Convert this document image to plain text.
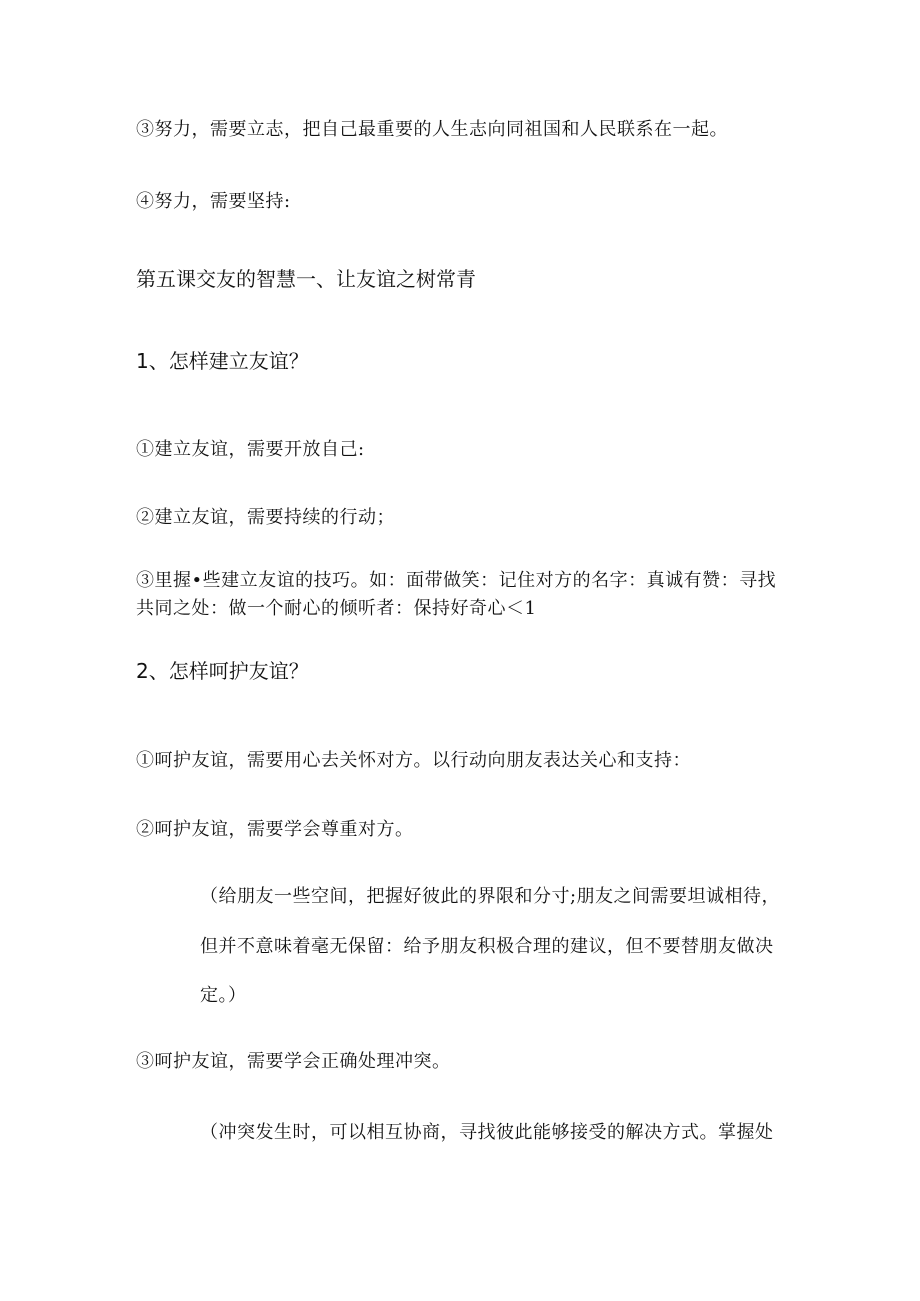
③努力，需要立志，把自己最重要的人生志向同祖国和人民联系在一起。

④努力，需要坚持:

第五课交友的智慧一、让友谊之树常青

1、怎样建立友谊？

①建立友谊，需要开放自己:

②建立友谊，需要持续的行动；

③里握•些建立友谊的技巧。如：面带做笑：记住对方的名字：真诚有赞：寻找

共同之处：做一个耐心的倾听者：保持好奇心＜1

2、怎样呵护友谊？

①呵护友谊，需要用心去关怀对方。以行动向朋友表达关心和支持：

②呵护友谊，需要学会尊重对方。

（给朋友一些空间，把握好彼此的界限和分寸;朋友之间需要坦诚相待，

但并不意味着毫无保留：给予朋友积极合理的建议，但不要替朋友做决

定。）

③呵护友谊，需要学会正确处理冲突。

（冲突发生时，可以相互协商，寻找彼此能够接受的解决方式。掌握处
